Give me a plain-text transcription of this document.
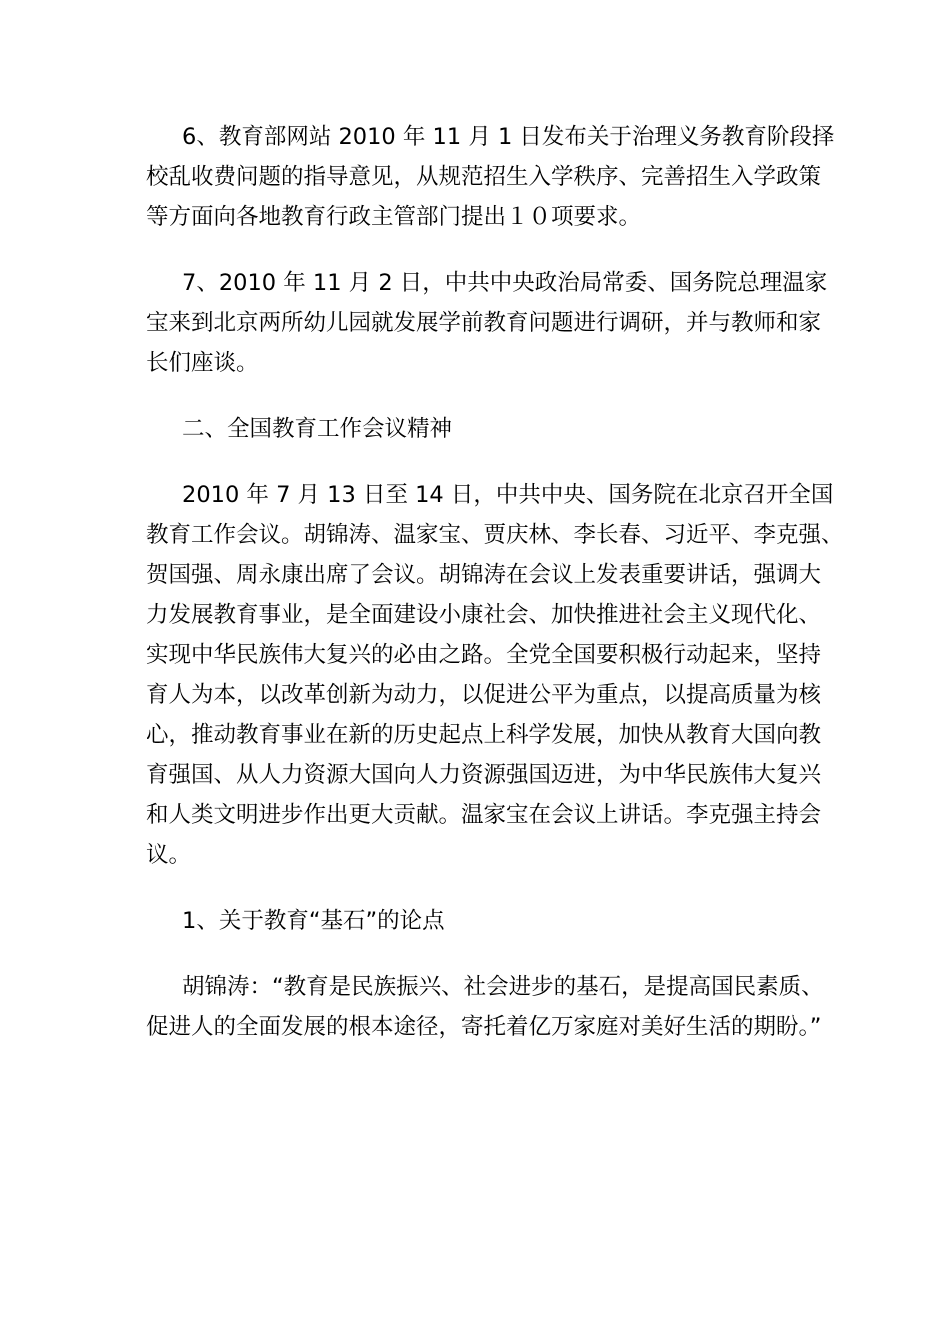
6、教育部网站 2010 年 11 月 1 日发布关于治理义务教育阶段择
校乱收费问题的指导意见，从规范招生入学秩序、完善招生入学政策
等方面向各地教育行政主管部门提出１０项要求。
7、2010 年 11 月 2 日，中共中央政治局常委、国务院总理温家
宝来到北京两所幼儿园就发展学前教育问题进行调研，并与教师和家
长们座谈。
二、全国教育工作会议精神
2010 年 7 月 13 日至 14 日，中共中央、国务院在北京召开全国
教育工作会议。胡锦涛、温家宝、贾庆林、李长春、习近平、李克强、
贺国强、周永康出席了会议。胡锦涛在会议上发表重要讲话，强调大
力发展教育事业，是全面建设小康社会、加快推进社会主义现代化、
实现中华民族伟大复兴的必由之路。全党全国要积极行动起来，坚持
育人为本，以改革创新为动力，以促进公平为重点，以提高质量为核
心，推动教育事业在新的历史起点上科学发展，加快从教育大国向教
育强国、从人力资源大国向人力资源强国迈进，为中华民族伟大复兴
和人类文明进步作出更大贡献。温家宝在会议上讲话。李克强主持会
议。
1、关于教育“基石”的论点
胡锦涛：“教育是民族振兴、社会进步的基石，是提高国民素质、
促进人的全面发展的根本途径，寄托着亿万家庭对美好生活的期盼。”
